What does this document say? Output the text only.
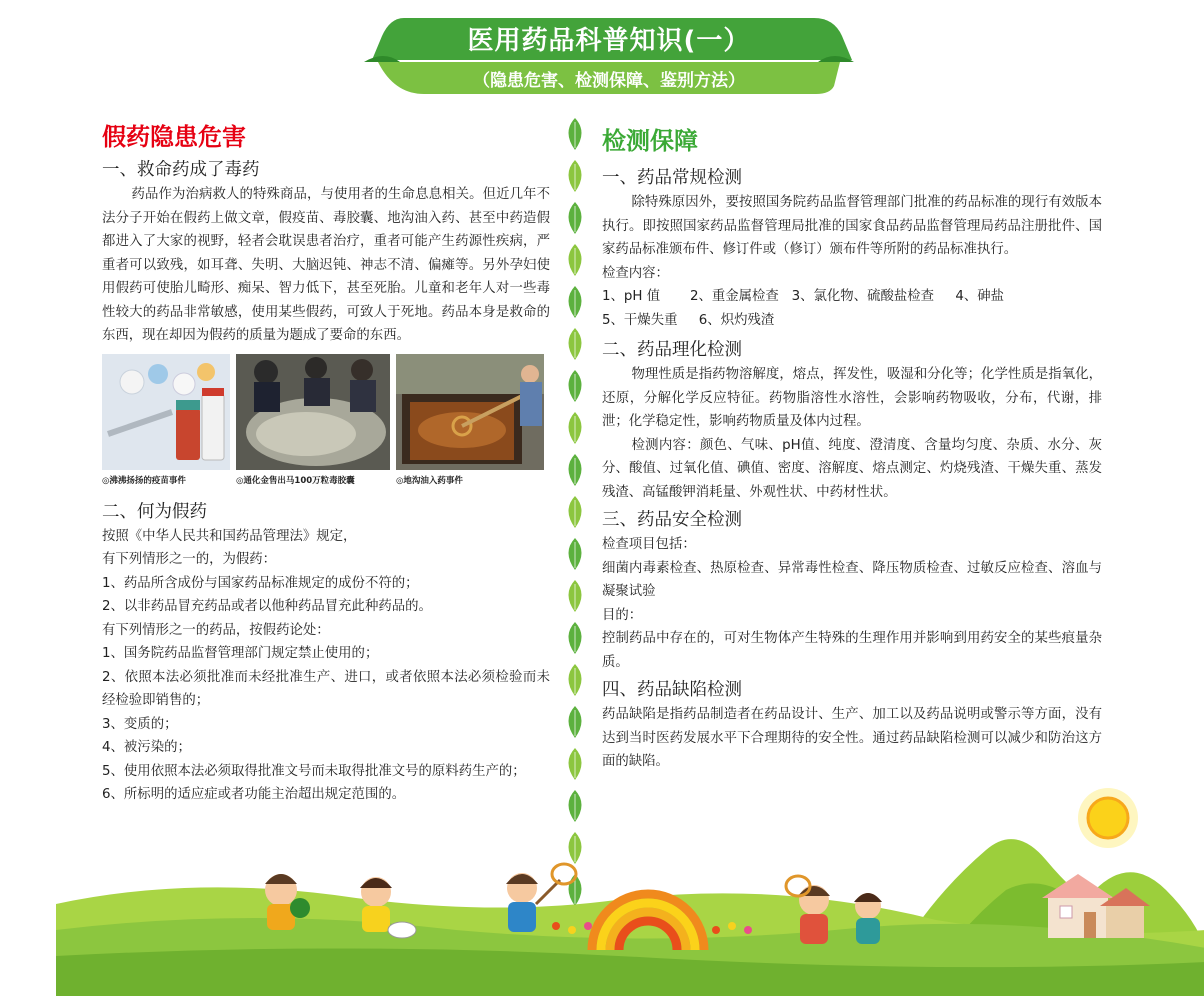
医用药品科普知识(一）
（隐患危害、检测保障、鉴别方法）
假药隐患危害
一、救命药成了毒药

药品作为治病救人的特殊商品，与使用者的生命息息相关。但近几年不法分子开始在假药上做文章，假疫苗、毒胶囊、地沟油入药、甚至中药造假都进入了大家的视野，轻者会耽误患者治疗，重者可能产生药源性疾病，严重者可以致残，如耳聋、失明、大脑迟钝、神志不清、偏瘫等。另外孕妇使用假药可使胎儿畸形、痴呆、智力低下，甚至死胎。儿童和老年人对一些毒性较大的药品非常敏感，使用某些假药，可致人于死地。药品本身是救命的东西，现在却因为假药的质量为题成了要命的东西。

◎ 沸沸扬扬的疫苗事件	◎ 通化金售出马100万粒毒胶囊	◎ 地沟油入药事件
二、何为假药

按照《中华人民共和国药品管理法》规定，

有下列情形之一的，为假药：

1、药品所含成份与国家药品标准规定的成份不符的；

2、以非药品冒充药品或者以他种药品冒充此种药品的。

有下列情形之一的药品，按假药论处：

1、国务院药品监督管理部门规定禁止使用的；

2、依照本法必须批准而未经批准生产、进口，或者依照本法必须检验而未经检验即销售的；

3、变质的；

4、被污染的；

5、使用依照本法必须取得批准文号而未取得批准文号的原料药生产的；

6、所标明的适应症或者功能主治超出规定范围的。

检测保障
一、药品常规检测

除特殊原因外，要按照国务院药品监督管理部门批准的药品标准的现行有效版本执行。即按照国家药品监督管理局批准的国家食品药品监督管理局药品注册批件、国家药品标准颁布件、修订件或（修订）颁布件等所附的药品标准执行。

检查内容：

1、pH 值 2、重金属检查 3、氯化物、硫酸盐检查 4、砷盐

5、干燥失重 6、炽灼残渣

二、药品理化检测

物理性质是指药物溶解度，熔点，挥发性，吸湿和分化等；化学性质是指氧化，还原，分解化学反应特征。药物脂溶性水溶性，会影响药物吸收，分布，代谢，排泄；化学稳定性，影响药物质量及体内过程。

检测内容：颜色、气味、pH值、纯度、澄清度、含量均匀度、杂质、水分、灰分、酸值、过氧化值、碘值、密度、溶解度、熔点测定、灼烧残渣、干燥失重、蒸发残渣、高锰酸钾消耗量、外观性状、中药材性状。

三、药品安全检测

检查项目包括：

细菌内毒素检查、热原检查、异常毒性检查、降压物质检查、过敏反应检查、溶血与凝聚试验

目的：

控制药品中存在的，可对生物体产生特殊的生理作用并影响到用药安全的某些痕量杂质。

四、药品缺陷检测

药品缺陷是指药品制造者在药品设计、生产、加工以及药品说明或警示等方面，没有达到当时医药发展水平下合理期待的安全性。通过药品缺陷检测可以减少和防治这方面的缺陷。
